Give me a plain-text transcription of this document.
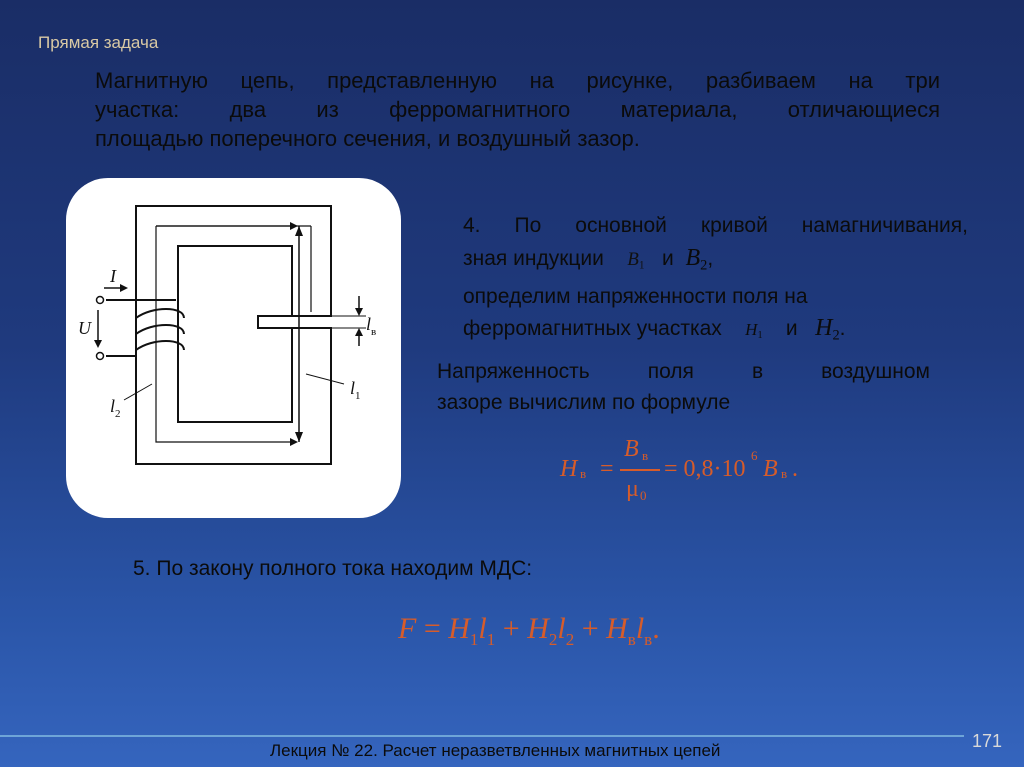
Прямая задача
Магнитную цепь, представленную на рисунке, разбиваем на три
участка: два из ферромагнитного материала, отличающиеся
площадью поперечного сечения, и воздушный зазор.
I
U
$l_2$
$l_1$
$l_в$
4. По основной кривой намагничивания,
зная индукции $B_1$ и $B_2$,
определим напряженности поля на
ферромагнитных участках $H_1$ и $H_2$.
Напряженность	поля	в	воздушном
зазоре вычислим по формуле
H в =
B в
μ 0
= 0,8·10
6
B в .
5. По закону полного тока находим МДС:
$F = H_1l_1 + H_2l_2 + H_вl_в$.
Лекция № 22. Расчет неразветвленных магнитных цепей	171
